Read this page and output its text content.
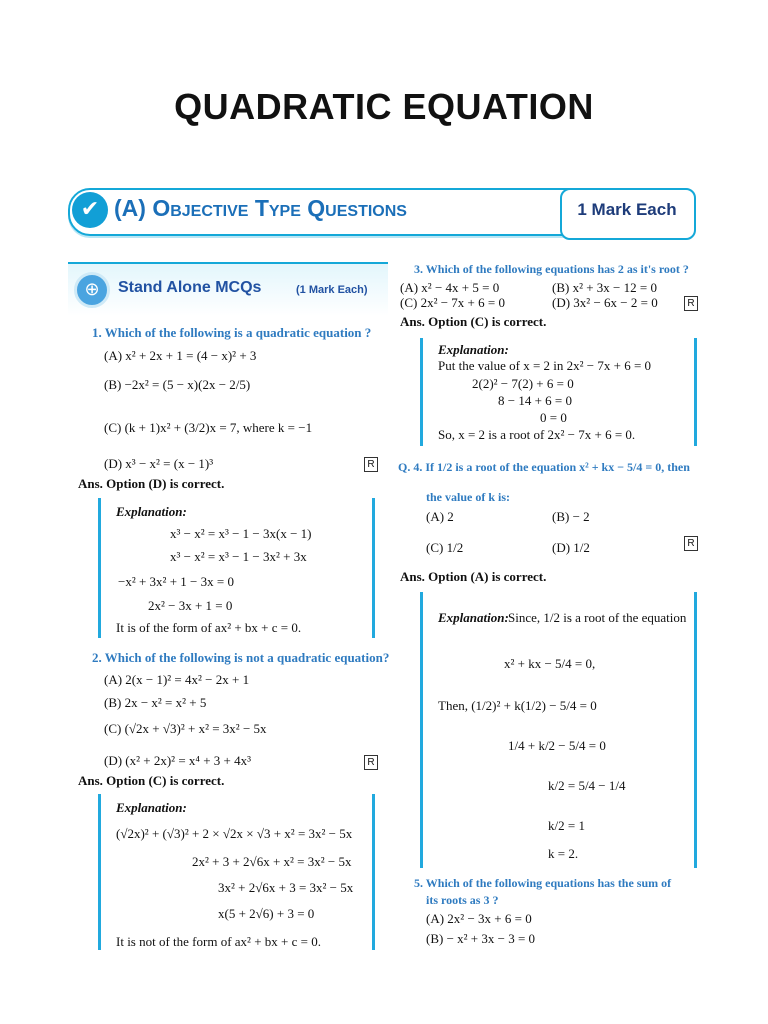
QUADRATIC EQUATION
✔ (A) Objective Type Questions	1 Mark Each
⊕	Stand Alone MCQs	(1 Mark Each)
1. Which of the following is a quadratic equation ?
(A) x² + 2x + 1 = (4 − x)² + 3
(B) −2x² = (5 − x)(2x − 2/5)
(C) (k + 1)x² + (3/2)x = 7, where k = −1
(D) x³ − x² = (x − 1)³	R
Ans. Option (D) is correct.
Explanation:
x³ − x² = x³ − 1 − 3x(x − 1)
x³ − x² = x³ − 1 − 3x² + 3x
−x² + 3x² + 1 − 3x = 0
2x² − 3x + 1 = 0
It is of the form of ax² + bx + c = 0.
2. Which of the following is not a quadratic equation?
(A) 2(x − 1)² = 4x² − 2x + 1
(B) 2x − x² = x² + 5
(C) (√2x + √3)² + x² = 3x² − 5x
(D) (x² + 2x)² = x⁴ + 3 + 4x³	R
Ans. Option (C) is correct.
Explanation:
(√2x)² + (√3)² + 2 × √2x × √3 + x² = 3x² − 5x
2x² + 3 + 2√6x + x² = 3x² − 5x
3x² + 2√6x + 3 = 3x² − 5x
x(5 + 2√6) + 3 = 0
It is not of the form of ax² + bx + c = 0.
3. Which of the following equations has 2 as it's root ?
(A) x² − 4x + 5 = 0	(B) x² + 3x − 12 = 0
(C) 2x² − 7x + 6 = 0	(D) 3x² − 6x − 2 = 0	R
Ans. Option (C) is correct.
Explanation:
Put the value of x = 2 in 2x² − 7x + 6 = 0
2(2)² − 7(2) + 6 = 0
8 − 14 + 6 = 0
0 = 0
So, x = 2 is a root of 2x² − 7x + 6 = 0.
Q. 4. If 1/2 is a root of the equation x² + kx − 5/4 = 0, then
the value of k is:
(A) 2	(B) − 2
(C) 1/2	(D) 1/2	R
Ans. Option (A) is correct.
Explanation: Since, 1/2 is a root of the equation
x² + kx − 5/4 = 0,
Then, (1/2)² + k(1/2) − 5/4 = 0
1/4 + k/2 − 5/4 = 0
k/2 = 5/4 − 1/4
k/2 = 1
k = 2.
5. Which of the following equations has the sum of
its roots as 3 ?
(A) 2x² − 3x + 6 = 0
(B) − x² + 3x − 3 = 0
